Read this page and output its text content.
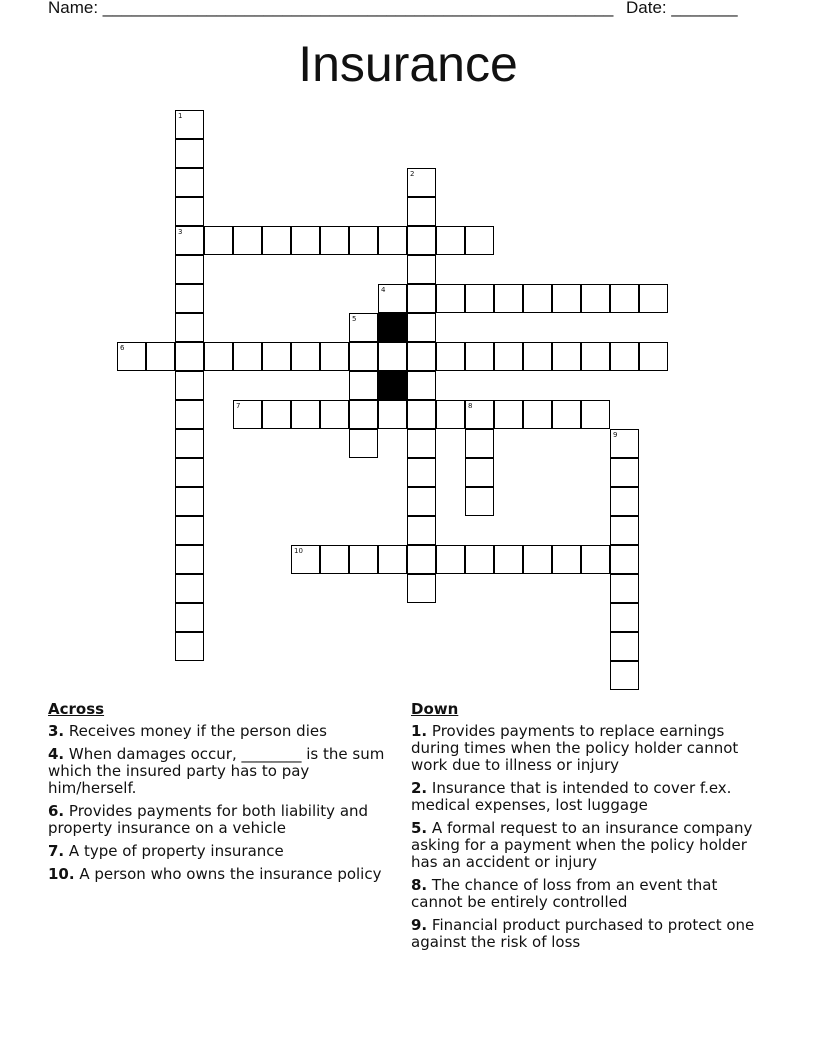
Name: ______________________________________________________ Date: _______
Insurance
1
3
2
4
5
6
7	8
9
10
Across
3. Receives money if the person dies
4. When damages occur, ________ is the sum which the insured party has to pay him/herself.
6. Provides payments for both liability and property insurance on a vehicle
7. A type of property insurance
10. A person who owns the insurance policy
Down
1. Provides payments to replace earnings during times when the policy holder cannot work due to illness or injury
2. Insurance that is intended to cover f.ex. medical expenses, lost luggage
5. A formal request to an insurance company asking for a payment when the policy holder has an accident or injury
8. The chance of loss from an event that cannot be entirely controlled
9. Financial product purchased to protect one against the risk of loss
